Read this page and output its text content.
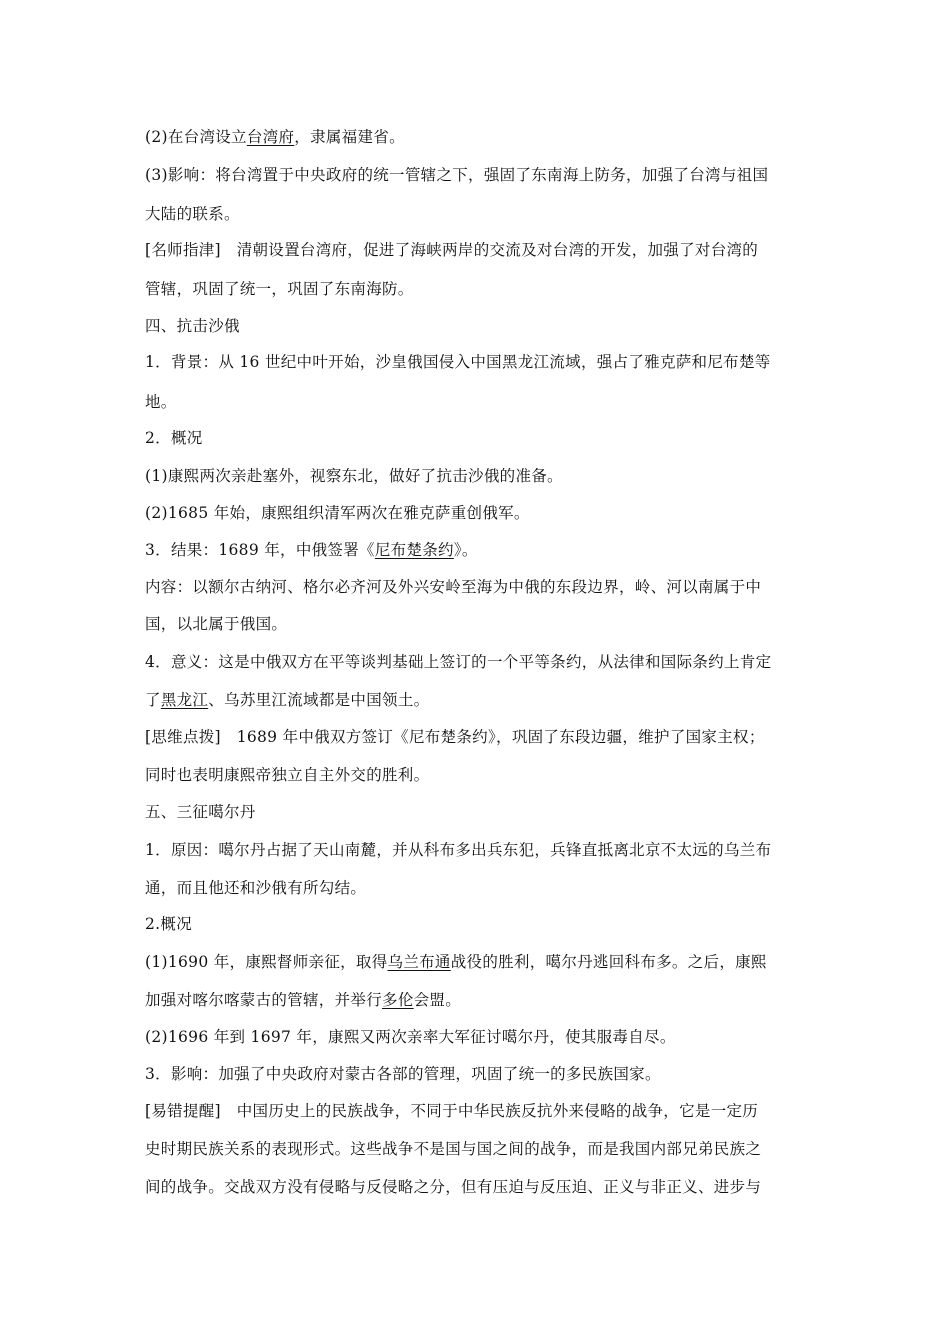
(2)在台湾设立台湾府，隶属福建省。
(3)影响：将台湾置于中央政府的统一管辖之下，强固了东南海上防务，加强了台湾与祖国
大陆的联系。
[名师指津]　清朝设置台湾府，促进了海峡两岸的交流及对台湾的开发，加强了对台湾的
管辖，巩固了统一，巩固了东南海防。
四、抗击沙俄
1．背景：从 16 世纪中叶开始，沙皇俄国侵入中国黑龙江流域，强占了雅克萨和尼布楚等
地。
2．概况
(1)康熙两次亲赴塞外，视察东北，做好了抗击沙俄的准备。
(2)1685 年始，康熙组织清军两次在雅克萨重创俄军。
3．结果：1689 年，中俄签署《尼布楚条约》。
内容：以额尔古纳河、格尔必齐河及外兴安岭至海为中俄的东段边界，岭、河以南属于中
国，以北属于俄国。
4．意义：这是中俄双方在平等谈判基础上签订的一个平等条约，从法律和国际条约上肯定
了黑龙江、乌苏里江流域都是中国领土。
[思维点拨]　1689 年中俄双方签订《尼布楚条约》，巩固了东段边疆，维护了国家主权；
同时也表明康熙帝独立自主外交的胜利。
五、三征噶尔丹
1．原因：噶尔丹占据了天山南麓，并从科布多出兵东犯，兵锋直抵离北京不太远的乌兰布
通，而且他还和沙俄有所勾结。
2.概况
(1)1690 年，康熙督师亲征，取得乌兰布通战役的胜利，噶尔丹逃回科布多。之后，康熙
加强对喀尔喀蒙古的管辖，并举行多伦会盟。
(2)1696 年到 1697 年，康熙又两次亲率大军征讨噶尔丹，使其服毒自尽。
3．影响：加强了中央政府对蒙古各部的管理，巩固了统一的多民族国家。
[易错提醒]　中国历史上的民族战争，不同于中华民族反抗外来侵略的战争，它是一定历
史时期民族关系的表现形式。这些战争不是国与国之间的战争，而是我国内部兄弟民族之
间的战争。交战双方没有侵略与反侵略之分，但有压迫与反压迫、正义与非正义、进步与
